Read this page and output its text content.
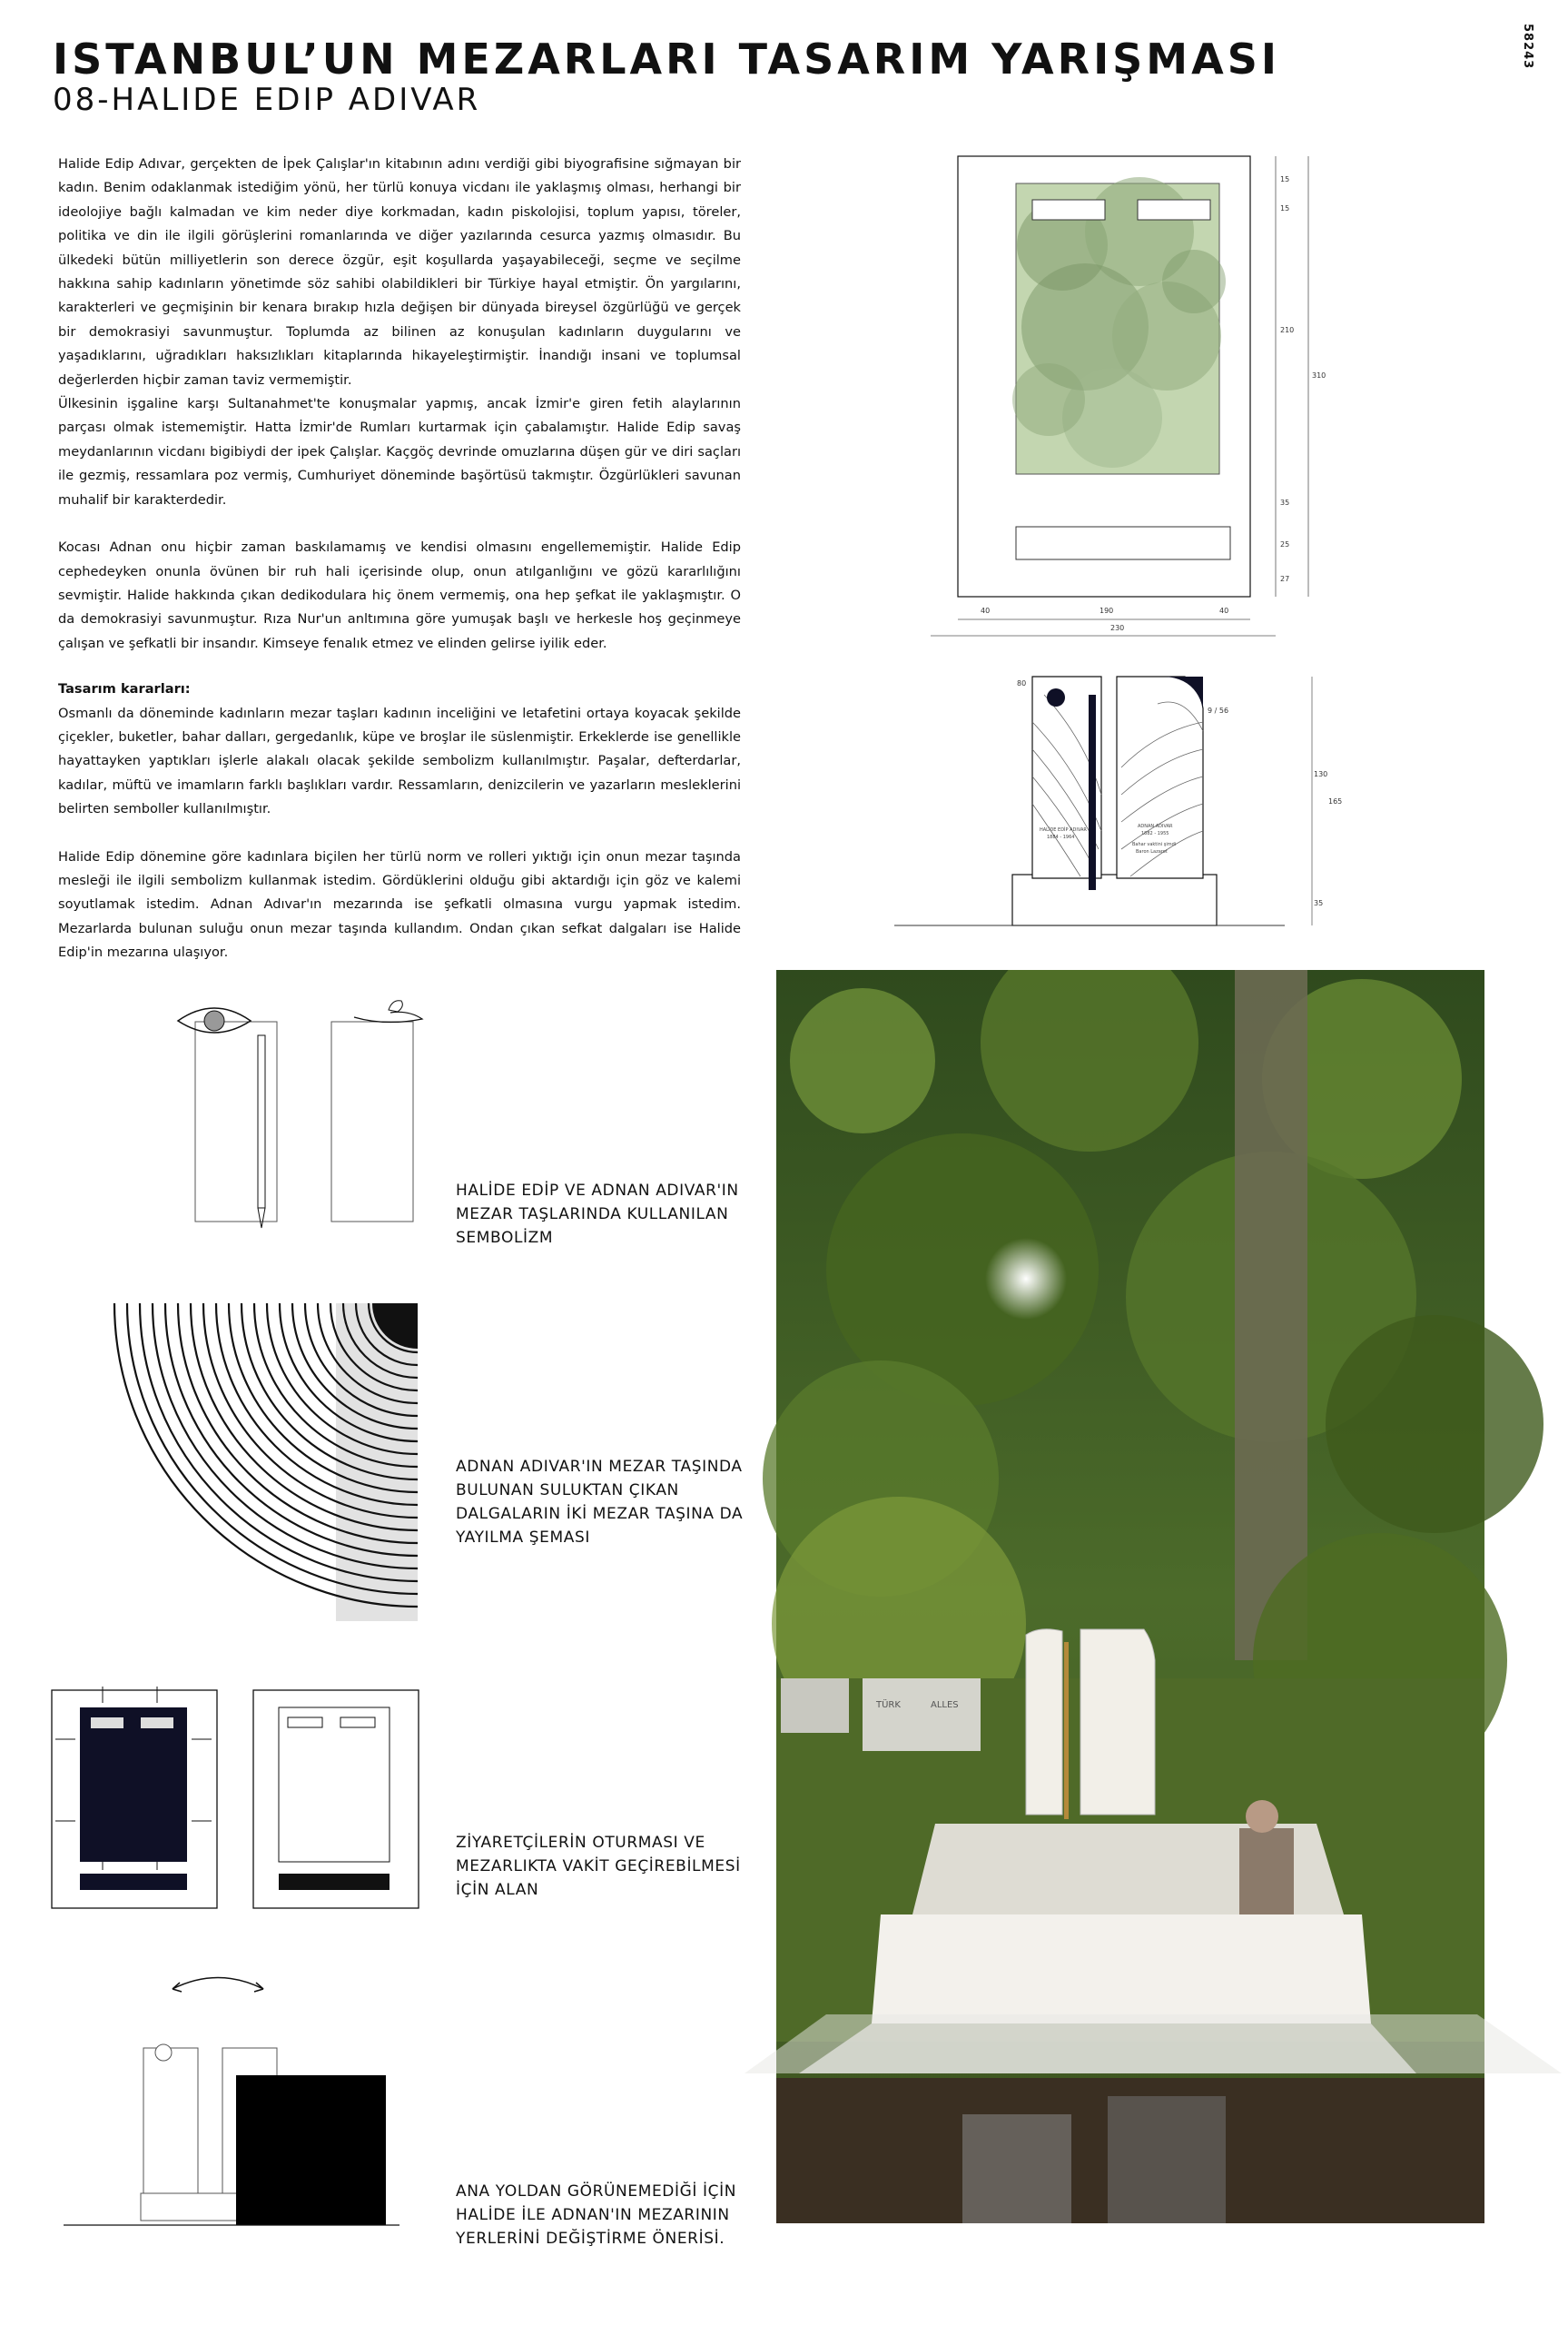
ISTANBUL’UN MEZARLARI TASARIM YARIŞMASI
08-HALIDE EDIP ADIVAR
58243

Halide Edip Adıvar, gerçekten de İpek Çalışlar'ın kitabının adını verdiği gibi biyografisine sığmayan bir kadın. Benim odaklanmak istediğim yönü, her türlü konuya vicdanı ile yaklaşmış olması, herhangi bir ideolojiye bağlı kalmadan ve kim neder diye korkmadan, kadın piskolojisi, toplum yapısı, töreler, politika ve din ile ilgili görüşlerini romanlarında ve diğer yazılarında cesurca yazmış olmasıdır. Bu ülkedeki bütün milliyetlerin son derece özgür, eşit koşullarda yaşayabileceği, seçme ve seçilme hakkına sahip kadınların yönetimde söz sahibi olabildikleri bir Türkiye hayal etmiştir. Ön yargılarını, karakterleri ve geçmişinin bir kenara bırakıp hızla değişen bir dünyada bireysel özgürlüğü ve gerçek bir demokrasiyi savunmuştur. Toplumda az bilinen az konuşulan kadınların duygularını ve yaşadıklarını, uğradıkları haksızlıkları kitaplarında hikayeleştirmiştir. İnandığı insani ve toplumsal değerlerden hiçbir zaman taviz vermemiştir.

Ülkesinin işgaline karşı Sultanahmet'te konuşmalar yapmış, ancak İzmir'e giren fetih alaylarının parçası olmak istememiştir. Hatta İzmir'de Rumları kurtarmak için çabalamıştır. Halide Edip savaş meydanlarının vicdanı bigibiydi der ipek Çalışlar. Kaçgöç devrinde omuzlarına düşen gür ve diri saçları ile gezmiş, ressamlara poz vermiş, Cumhuriyet döneminde başörtüsü takmıştır. Özgürlükleri savunan muhalif bir karakterdedir.

Kocası Adnan onu hiçbir zaman baskılamamış ve kendisi olmasını engellememiştir. Halide Edip cephedeyken onunla övünen bir ruh hali içerisinde olup, onun atılganlığını ve gözü kararlılığını sevmiştir. Halide hakkında çıkan dedikodulara hiç önem vermemiş, ona hep şefkat ile yaklaşmıştır. O da demokrasiyi savunmuştur. Rıza Nur'un anltımına göre yumuşak başlı ve herkesle hoş geçinmeye çalışan ve şefkatli bir insandır. Kimseye fenalık etmez ve elinden gelirse iyilik eder.

Tasarım kararları:

Osmanlı da döneminde kadınların mezar taşları kadının inceliğini ve letafetini ortaya koyacak şekilde çiçekler, buketler, bahar dalları, gergedanlık, küpe ve broşlar ile süslenmiştir. Erkeklerde ise genellikle hayattayken yaptıkları işlerle alakalı olacak şekilde sembolizm kullanılmıştır. Paşalar, defterdarlar, kadılar, müftü ve imamların farklı başlıkları vardır. Ressamların, denizcilerin ve yazarların mesleklerini belirten semboller kullanılmıştır.

Halide Edip dönemine göre kadınlara biçilen her türlü norm ve rolleri yıktığı için onun mezar taşında mesleği ile ilgili sembolizm kullanmak istedim. Gördüklerini olduğu gibi aktardığı için göz ve kalemi soyutlamak istedim. Adnan Adıvar'ın mezarında ise şefkatli olmasına vurgu yapmak istedim. Mezarlarda bulunan suluğu onun mezar taşında kullandım. Ondan çıkan sefkat dalgaları ise Halide Edip'in mezarına ulaşıyor.

15
15
210
35
25
27
310
40	190	40
230
HALİDE EDİP ADIVAR
1884 - 1964
ADNAN ADIVAR
1882 - 1955
Bahar vaktini şimdi
Baron Lazarot
80
9 / 56
130
165
35
HALİDE EDİP VE ADNAN ADIVAR'IN MEZAR TAŞLARINDA KULLANILAN SEMBOLİZM
ADNAN ADIVAR'IN MEZAR TAŞINDA BULUNAN SULUKTAN ÇIKAN DALGALARIN İKİ MEZAR TAŞINA DA YAYILMA ŞEMASI
ZİYARETÇİLERİN OTURMASI VE MEZARLIKTA VAKİT GEÇİREBİLMESİ İÇİN ALAN
ANA YOLDAN GÖRÜNEMEDİĞİ İÇİN HALİDE İLE ADNAN'IN MEZARININ YERLERİNİ DEĞİŞTİRME ÖNERİSİ.
TÜRK	ALLES
